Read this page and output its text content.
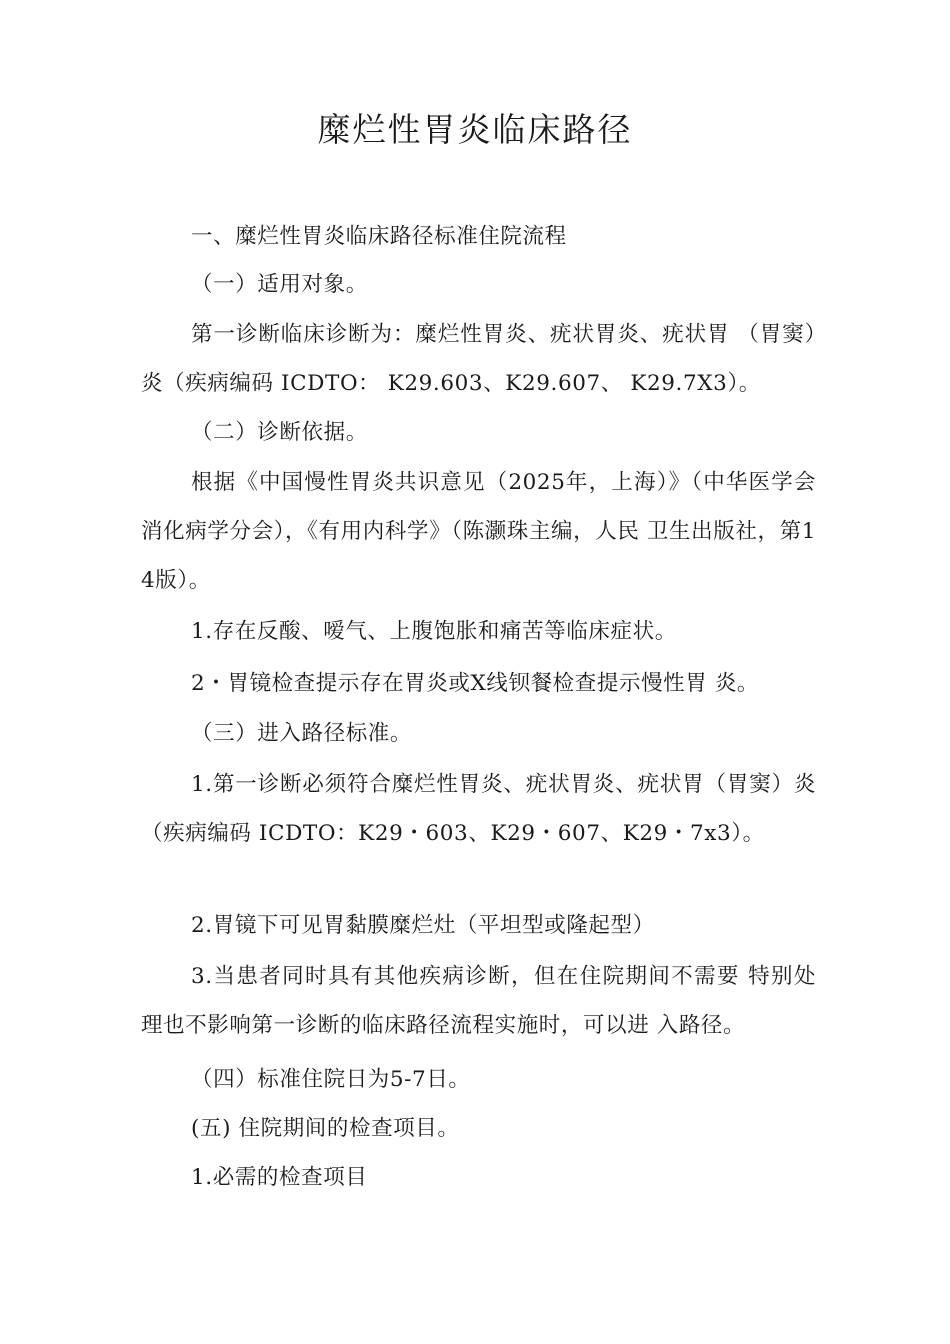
糜烂性胃炎临床路径

一、糜烂性胃炎临床路径标准住院流程

（一）适用对象。

第一诊断临床诊断为：糜烂性胃炎、疣状胃炎、疣状胃 （胃窦）炎（疾病编码 ICDTO： K29.603、K29.607、 K29.7X3）。

（二）诊断依据。

根据《中国慢性胃炎共识意见（2025年，上海）》（中华医学会消化病学分会），《有用内科学》（陈灏珠主编，人民 卫生出版社，第14版）。

1.存在反酸、嗳气、上腹饱胀和痛苦等临床症状。

2・胃镜检查提示存在胃炎或X线钡餐检查提示慢性胃 炎。

（三）进入路径标准。

1.第一诊断必须符合糜烂性胃炎、疣状胃炎、疣状胃（胃窦）炎（疾病编码 ICDTO：K29・603、K29・607、K29・7x3）。

2.胃镜下可见胃黏膜糜烂灶（平坦型或隆起型）

3.当患者同时具有其他疾病诊断，但在住院期间不需要 特别处理也不影响第一诊断的临床路径流程实施时，可以进 入路径。

（四）标准住院日为5-7日。

(五) 住院期间的检查项目。

1.必需的检查项目
